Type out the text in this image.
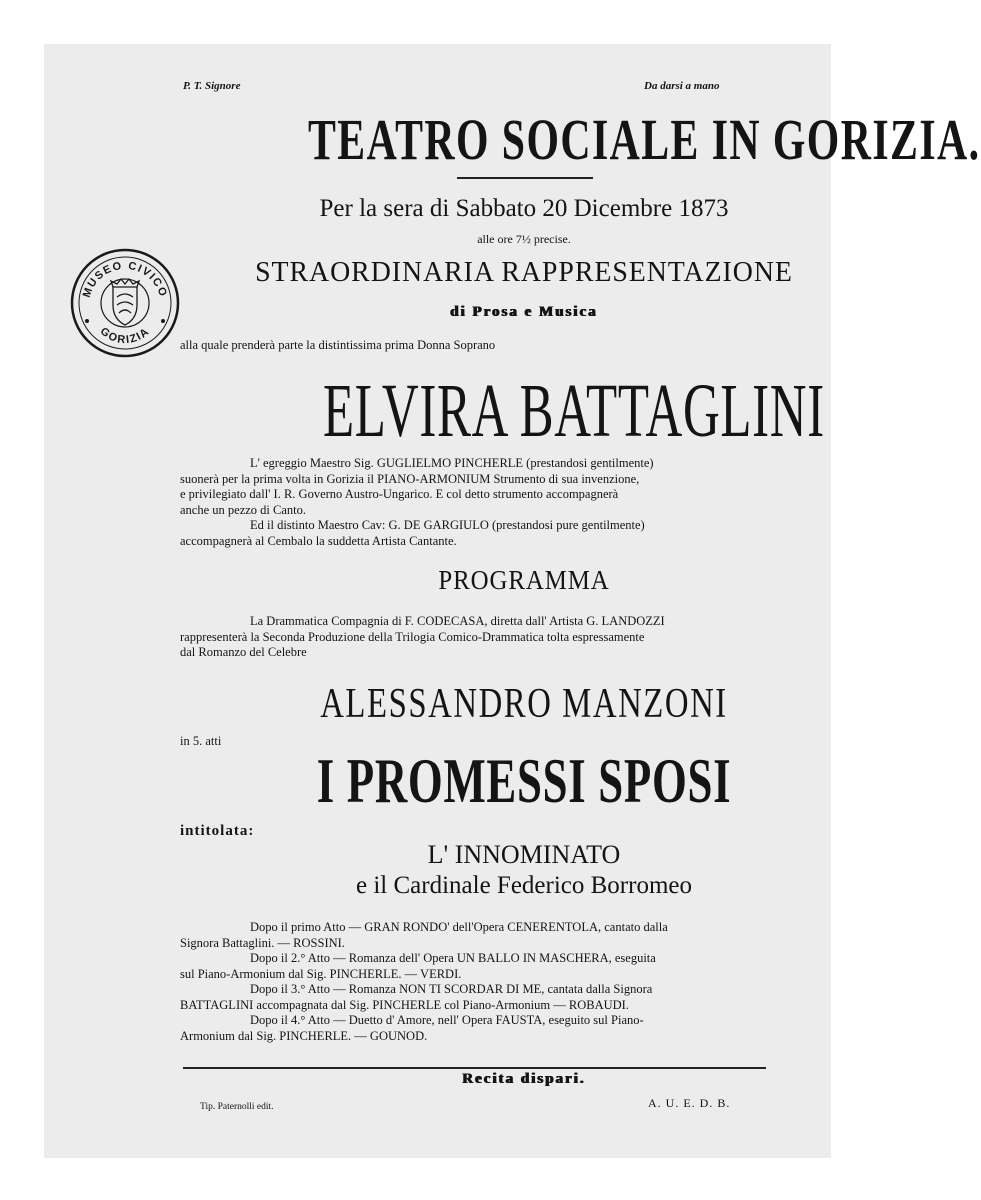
P. T. Signore	Da darsi a mano
TEATRO SOCIALE IN GORIZIA.
Per la sera di Sabbato 20 Dicembre 1873
alle ore 7½ precise.
STRAORDINARIA RAPPRESENTAZIONE
di Prosa e Musica
alla quale prenderà parte la distintissima prima Donna Soprano
ELVIRA BATTAGLINI
L' egreggio Maestro Sig. GUGLIELMO PINCHERLE (prestandosi gentilmente)
suonerà per la prima volta in Gorizia il PIANO-ARMONIUM Strumento di sua invenzione,
e privilegiato dall' I. R. Governo Austro-Ungarico. E col detto strumento accompagnerà
anche un pezzo di Canto.
Ed il distinto Maestro Cav: G. DE GARGIULO (prestandosi pure gentilmente)
accompagnerà al Cembalo la suddetta Artista Cantante.
PROGRAMMA
La Drammatica Compagnia di F. CODECASA, diretta dall' Artista G. LANDOZZI
rappresenterà la Seconda Produzione della Trilogia Comico-Drammatica tolta espressamente
dal Romanzo del Celebre
ALESSANDRO MANZONI
in 5. atti
I PROMESSI SPOSI
intitolata:
L' INNOMINATO
e il Cardinale Federico Borromeo
Dopo il primo Atto — GRAN RONDO' dell'Opera CENERENTOLA, cantato dalla
Signora Battaglini. — ROSSINI.
Dopo il 2.° Atto — Romanza dell' Opera UN BALLO IN MASCHERA, eseguita
sul Piano-Armonium dal Sig. PINCHERLE. — VERDI.
Dopo il 3.° Atto — Romanza NON TI SCORDAR DI ME, cantata dalla Signora
BATTAGLINI accompagnata dal Sig. PINCHERLE col Piano-Armonium — ROBAUDI.
Dopo il 4.° Atto — Duetto d' Amore, nell' Opera FAUSTA, eseguito sul Piano-
Armonium dal Sig. PINCHERLE. — GOUNOD.
Recita dispari.
Tip. Paternolli edit.	A. U. E. D. B.
MUSEO CIVICO
GORIZIA
